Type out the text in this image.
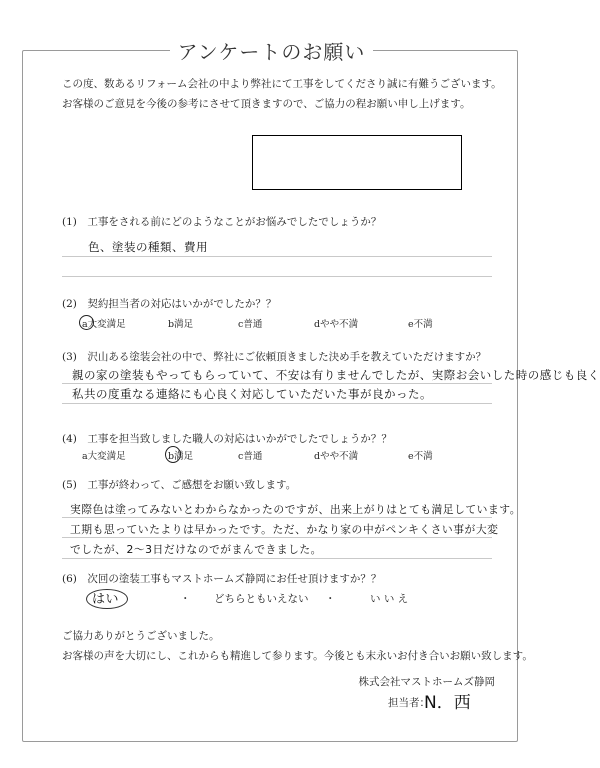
アンケートのお願い
この度、数あるリフォーム会社の中より弊社にて工事をしてくださり誠に有難うございます。
お客様のご意見を今後の参考にさせて頂きますので、ご協力の程お願い申し上げます。
(1)　工事をされる前にどのようなことがお悩みでしたでしょうか？
色、塗装の種類、費用
(2)　契約担当者の対応はいかがでしたか？？
a大変満足	b満足	c普通	dやや不満	e不満
(3)　沢山ある塗装会社の中で、弊社にご依頼頂きました決め手を教えていただけますか？
親の家の塗装もやってもらっていて、不安は有りませんでしたが、実際お会いした時の感じも良く
私共の度重なる連絡にも心良く対応していただいた事が良かった。
(4)　工事を担当致しました職人の対応はいかがでしたでしょうか？？
a大変満足	b満足	c普通	dやや不満	e不満
(5)　工事が終わって、ご感想をお願い致します。
実際色は塗ってみないとわからなかったのですが、出来上がりはとても満足しています。
工期も思っていたよりは早かったです。ただ、かなり家の中がペンキくさい事が大変
でしたが、2〜3日だけなのでがまんできました。
(6)　次回の塗装工事もマストホームズ静岡にお任せ頂けますか？？
はい	・ どちらともいえない ・	い い え
ご協力ありがとうございました。
お客様の声を大切にし、これからも精進して参ります。今後とも末永いお付き合いお願い致します。
株式会社マストホームズ静岡
担当者：
N．西
